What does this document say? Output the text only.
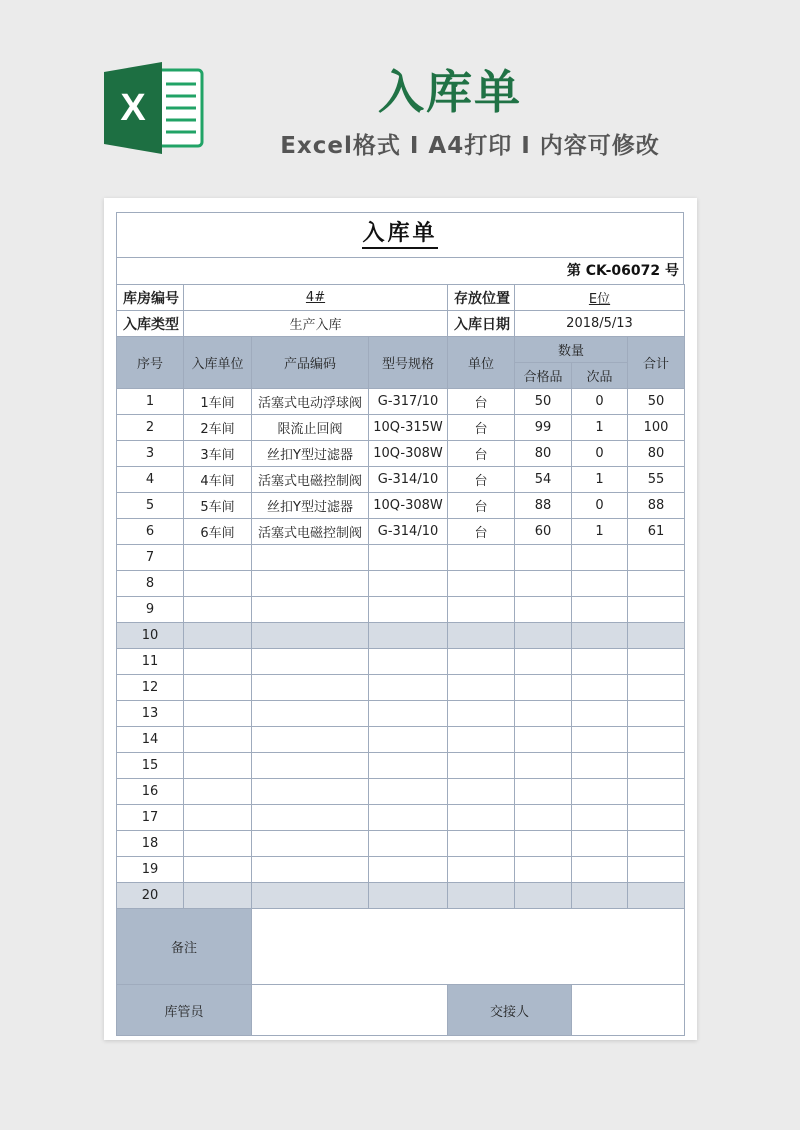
X	入库单
Excel格式 I A4打印 I 内容可修改
入库单
第 CK-06072 号
库房编号	4#			存放位置	E位		
入库类型	生产入库			入库日期	2018/5/13		
序号	入库单位	产品编码	型号规格	单位	数量		合计
					合格品	次品	
1	1车间	活塞式电动浮球阀	G-317/10	台	50	0	50
2	2车间	限流止回阀	10Q-315W	台	99	1	100
3	3车间	丝扣Y型过滤器	10Q-308W	台	80	0	80
4	4车间	活塞式电磁控制阀	G-314/10	台	54	1	55
5	5车间	丝扣Y型过滤器	10Q-308W	台	88	0	88
6	6车间	活塞式电磁控制阀	G-314/10	台	60	1	61
7							
8							
9							
10							
11							
12							
13							
14							
15							
16							
17							
18							
19							
20							
备注							
库管员				交接人			
